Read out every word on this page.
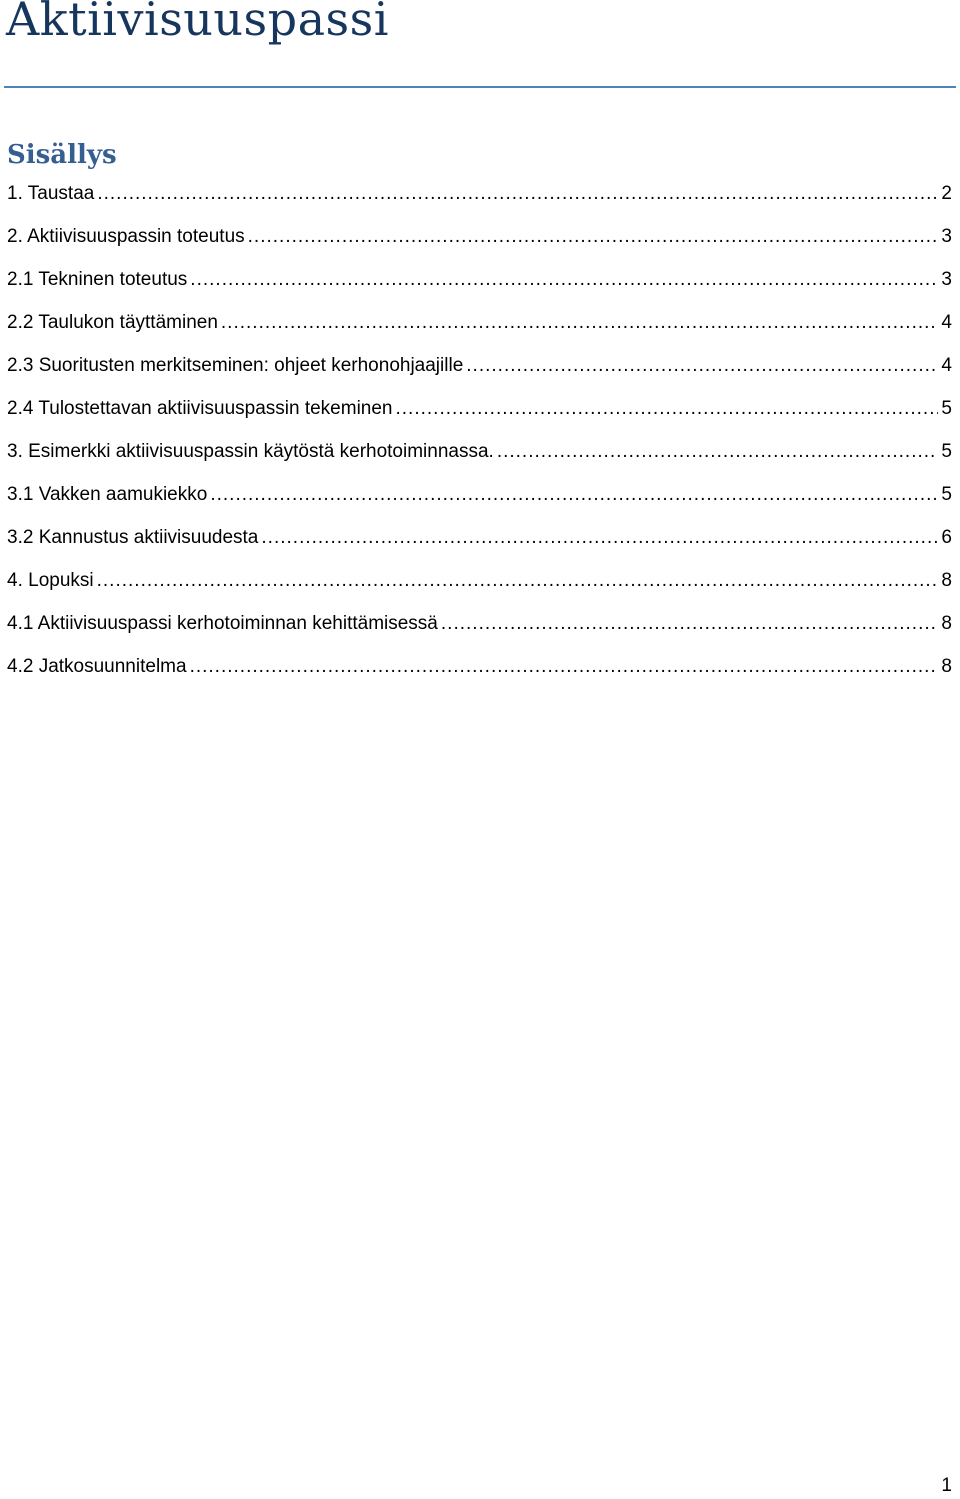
Aktiivisuuspassi
Sisällys
1. Taustaa .....	2
2. Aktiivisuuspassin toteutus .....	3
2.1 Tekninen toteutus .....	3
2.2 Taulukon täyttäminen .....	4
2.3 Suoritusten merkitseminen: ohjeet kerhonohjaajille .....	4
2.4 Tulostettavan aktiivisuuspassin tekeminen .....	5
3. Esimerkki aktiivisuuspassin käytöstä kerhotoiminnassa. .....	5
3.1 Vakken aamukiekko .....	5
3.2 Kannustus aktiivisuudesta .....	6
4. Lopuksi .....	8
4.1 Aktiivisuuspassi kerhotoiminnan kehittämisessä .....	8
4.2 Jatkosuunnitelma .....	8
1
